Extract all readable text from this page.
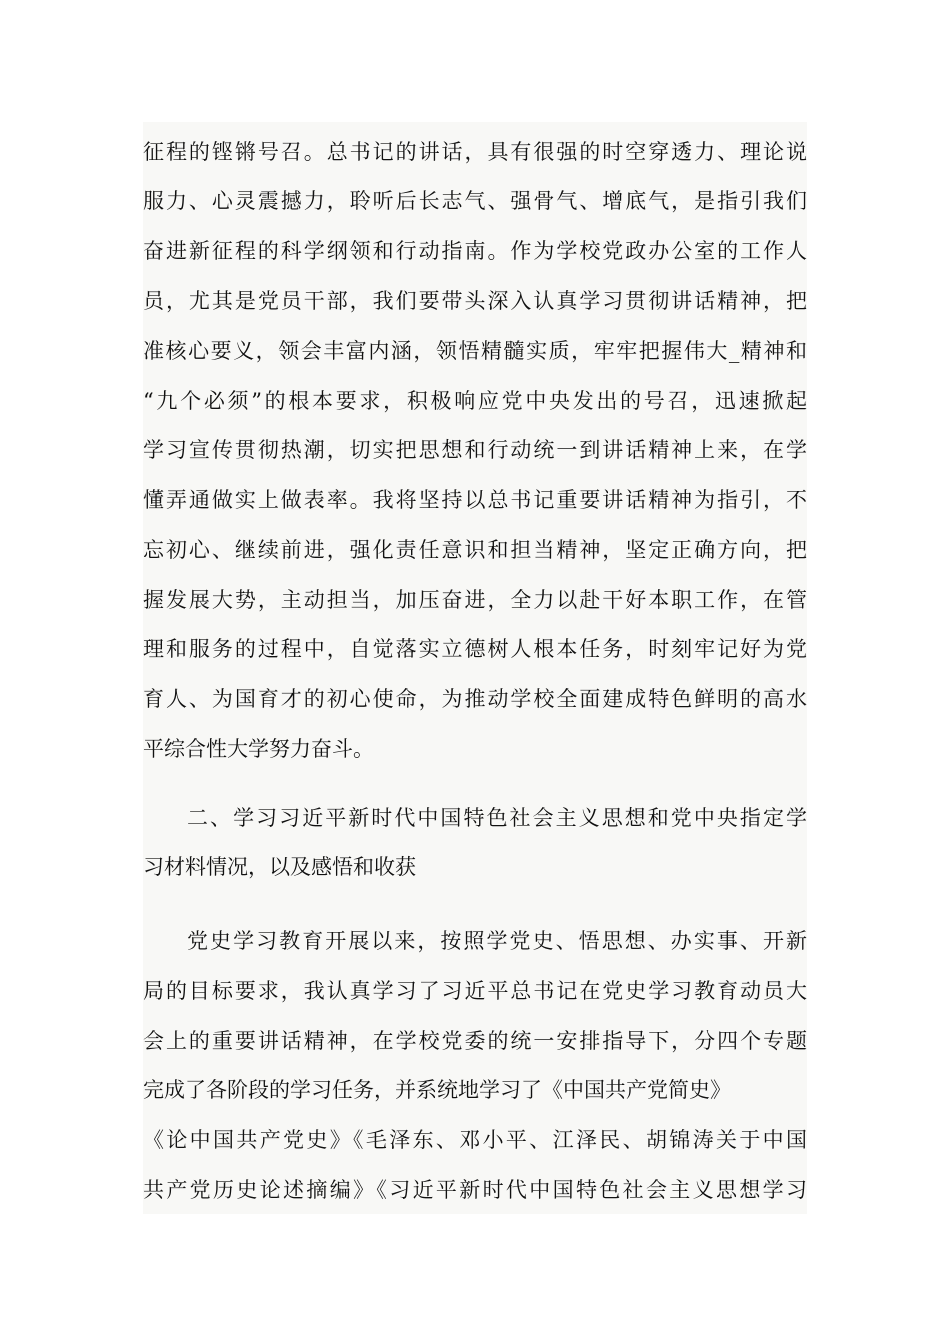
征程的铿锵号召。总书记的讲话，具有很强的时空穿透力、理论说
服力、心灵震撼力，聆听后长志气、强骨气、增底气，是指引我们
奋进新征程的科学纲领和行动指南。作为学校党政办公室的工作人
员，尤其是党员干部，我们要带头深入认真学习贯彻讲话精神，把
准核心要义，领会丰富内涵，领悟精髓实质，牢牢把握伟大_精神和
“九个必须”的根本要求，积极响应党中央发出的号召，迅速掀起
学习宣传贯彻热潮，切实把思想和行动统一到讲话精神上来，在学
懂弄通做实上做表率。我将坚持以总书记重要讲话精神为指引，不
忘初心、继续前进，强化责任意识和担当精神，坚定正确方向，把
握发展大势，主动担当，加压奋进，全力以赴干好本职工作，在管
理和服务的过程中，自觉落实立德树人根本任务，时刻牢记好为党
育人、为国育才的初心使命，为推动学校全面建成特色鲜明的高水
平综合性大学努力奋斗。
二、学习习近平新时代中国特色社会主义思想和党中央指定学
习材料情况，以及感悟和收获
党史学习教育开展以来，按照学党史、悟思想、办实事、开新
局的目标要求，我认真学习了习近平总书记在党史学习教育动员大
会上的重要讲话精神，在学校党委的统一安排指导下，分四个专题
完成了各阶段的学习任务，并系统地学习了《中国共产党简史》
《论中国共产党史》《毛泽东、邓小平、江泽民、胡锦涛关于中国
共产党历史论述摘编》《习近平新时代中国特色社会主义思想学习
